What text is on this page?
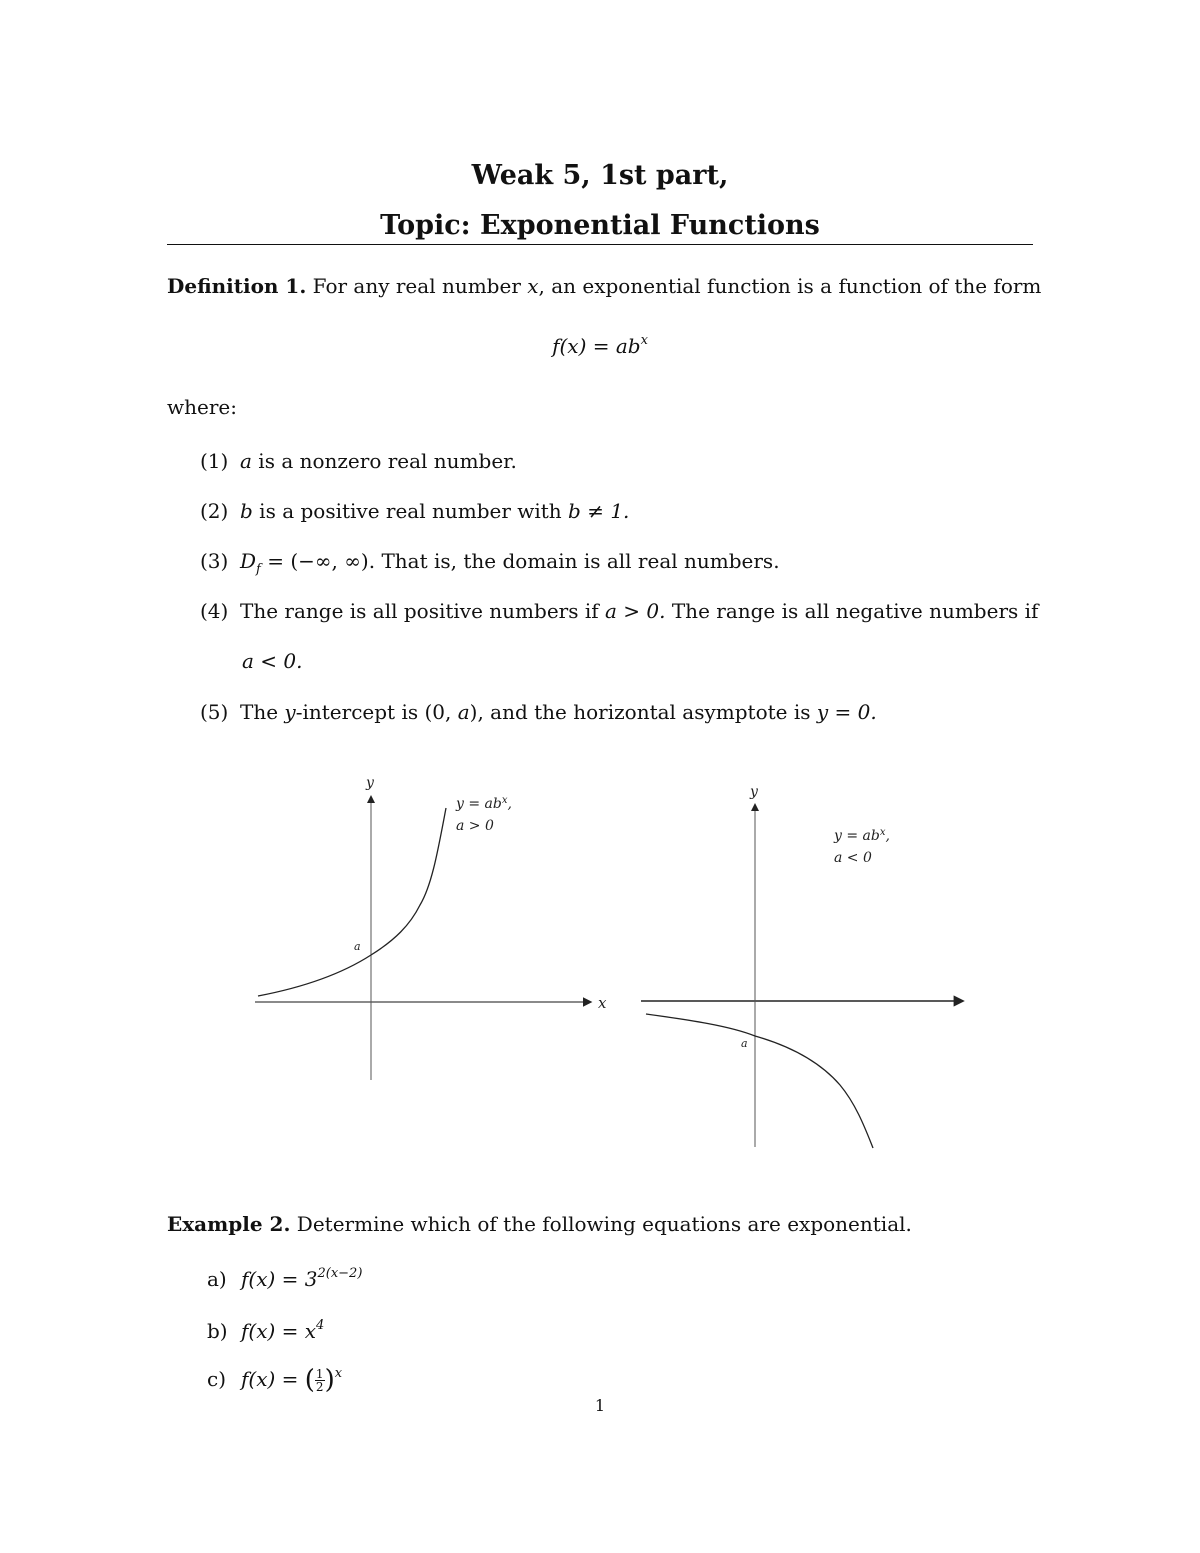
Weak 5, 1st part,
Topic: Exponential Functions
Definition 1. For any real number x, an exponential function is a function of the form
$f(x) = ab^x$
where:
(1) a is a nonzero real number.
(2) b is a positive real number with b ≠ 1.
(3) $D_f$ = (−∞, ∞). That is, the domain is all real numbers.
(4) The range is all positive numbers if a > 0. The range is all negative numbers if
a < 0.
(5) The y-intercept is (0, a), and the horizontal asymptote is y = 0.
y
x
a
$y = ab^x$,
a > 0
y
a
$y = ab^x$,
a < 0
Example 2. Determine which of the following equations are exponential.
a) $f(x) = 3^{2(x-2)}$
b) $f(x) = x^4$
c) f(x) = ( $\frac{1}{2} )^x$
1
